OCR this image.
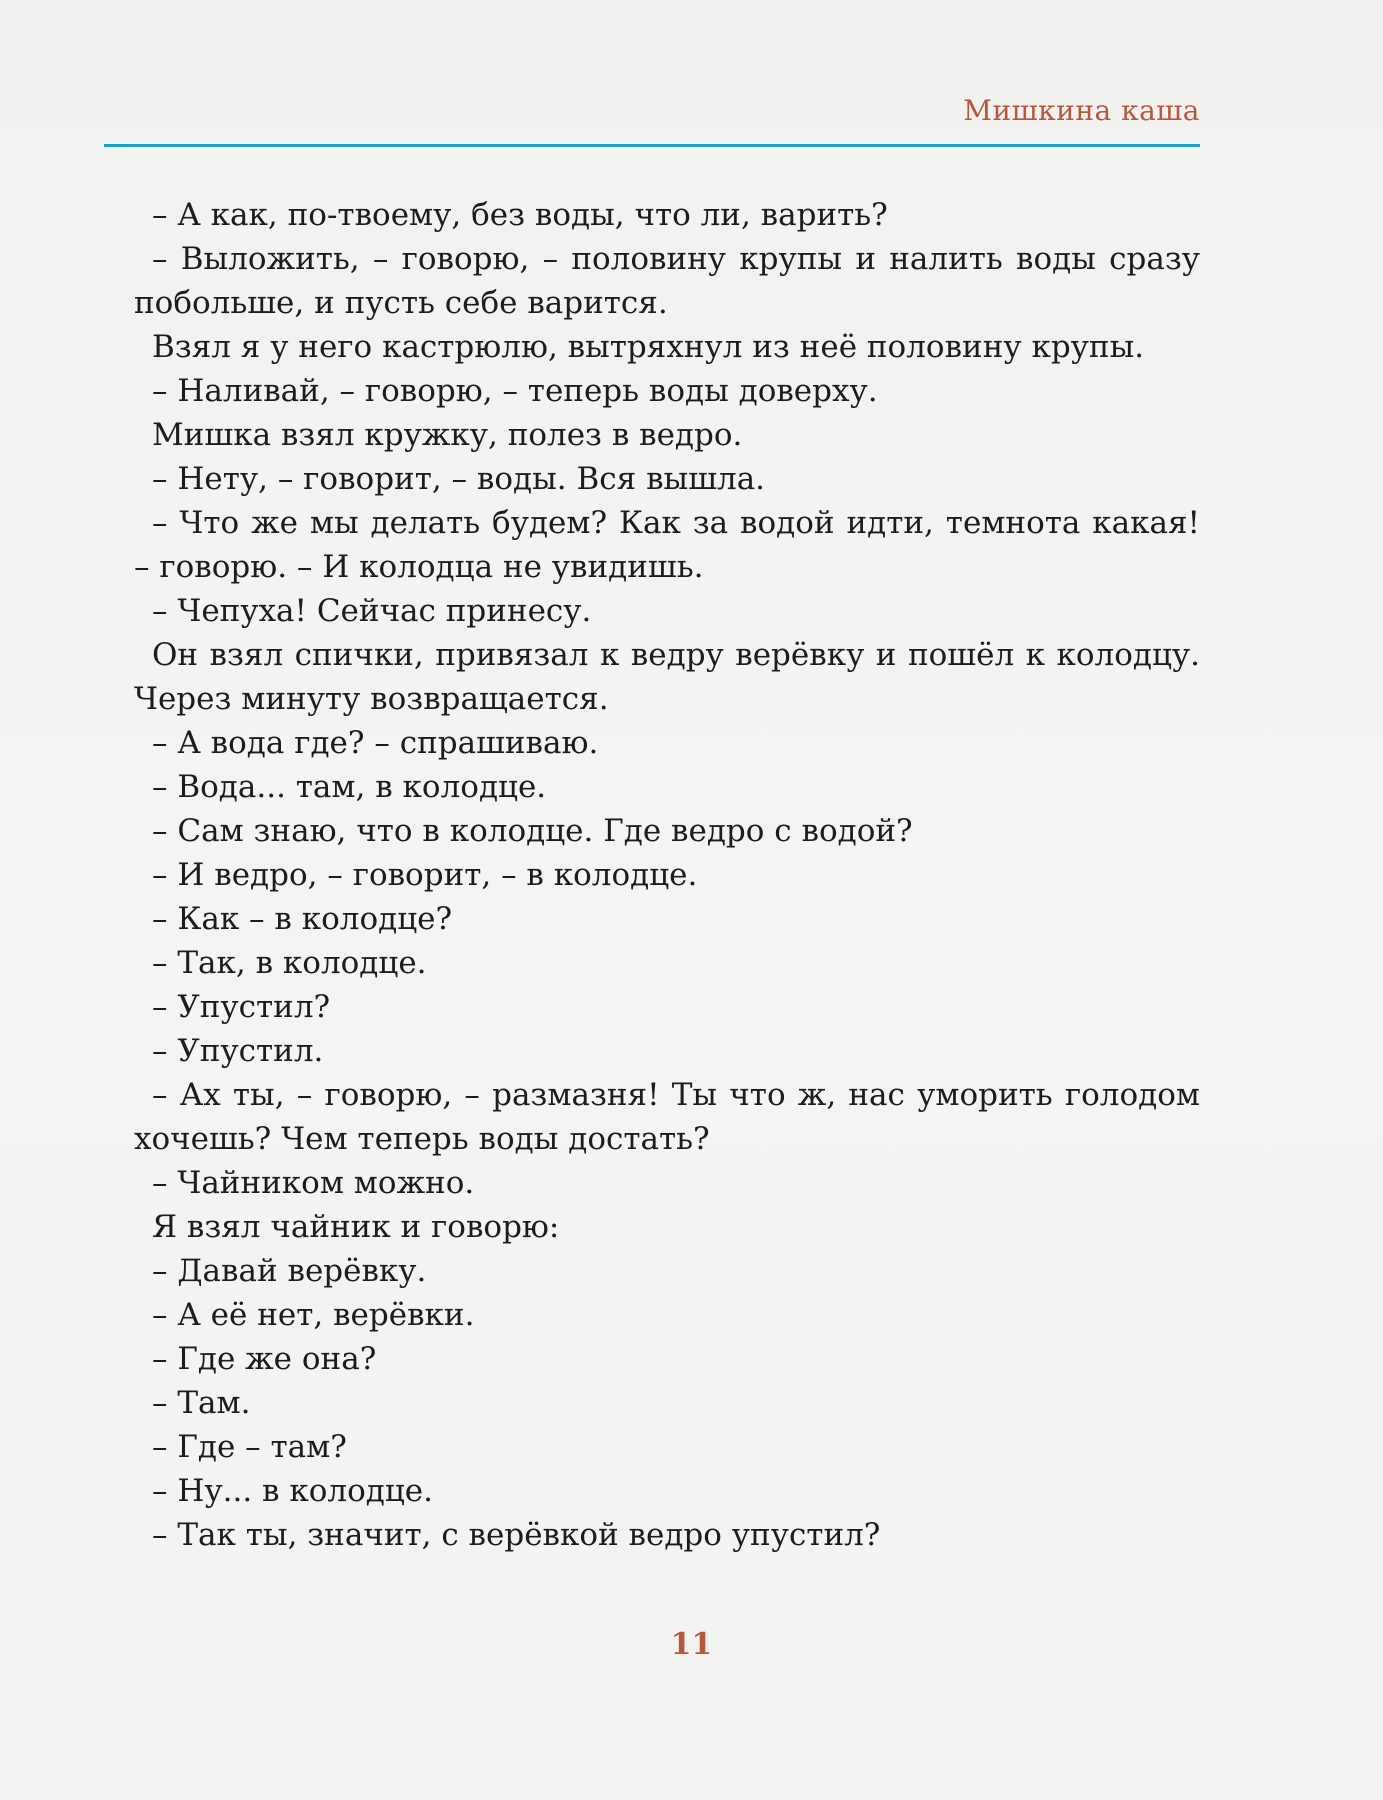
Мишкина каша

– А как, по-твоему, без воды, что ли, варить?

– Выложить, – говорю, – половину крупы и налить воды сразу побольше, и пусть себе варится.

Взял я у него кастрюлю, вытряхнул из неё половину крупы.

– Наливай, – говорю, – теперь воды доверху.

Мишка взял кружку, полез в ведро.

– Нету, – говорит, – воды. Вся вышла.

– Что же мы делать будем? Как за водой идти, темнота какая! – говорю. – И колодца не увидишь.

– Чепуха! Сейчас принесу.

Он взял спички, привязал к ведру верёвку и пошёл к колодцу. Через минуту возвращается.

– А вода где? – спрашиваю.

– Вода... там, в колодце.

– Сам знаю, что в колодце. Где ведро с водой?

– И ведро, – говорит, – в колодце.

– Как – в колодце?

– Так, в колодце.

– Упустил?

– Упустил.

– Ах ты, – говорю, – размазня! Ты что ж, нас уморить голодом хочешь? Чем теперь воды достать?

– Чайником можно.

Я взял чайник и говорю:

– Давай верёвку.

– А её нет, верёвки.

– Где же она?

– Там.

– Где – там?

– Ну... в колодце.

– Так ты, значит, с верёвкой ведро упустил?

11
